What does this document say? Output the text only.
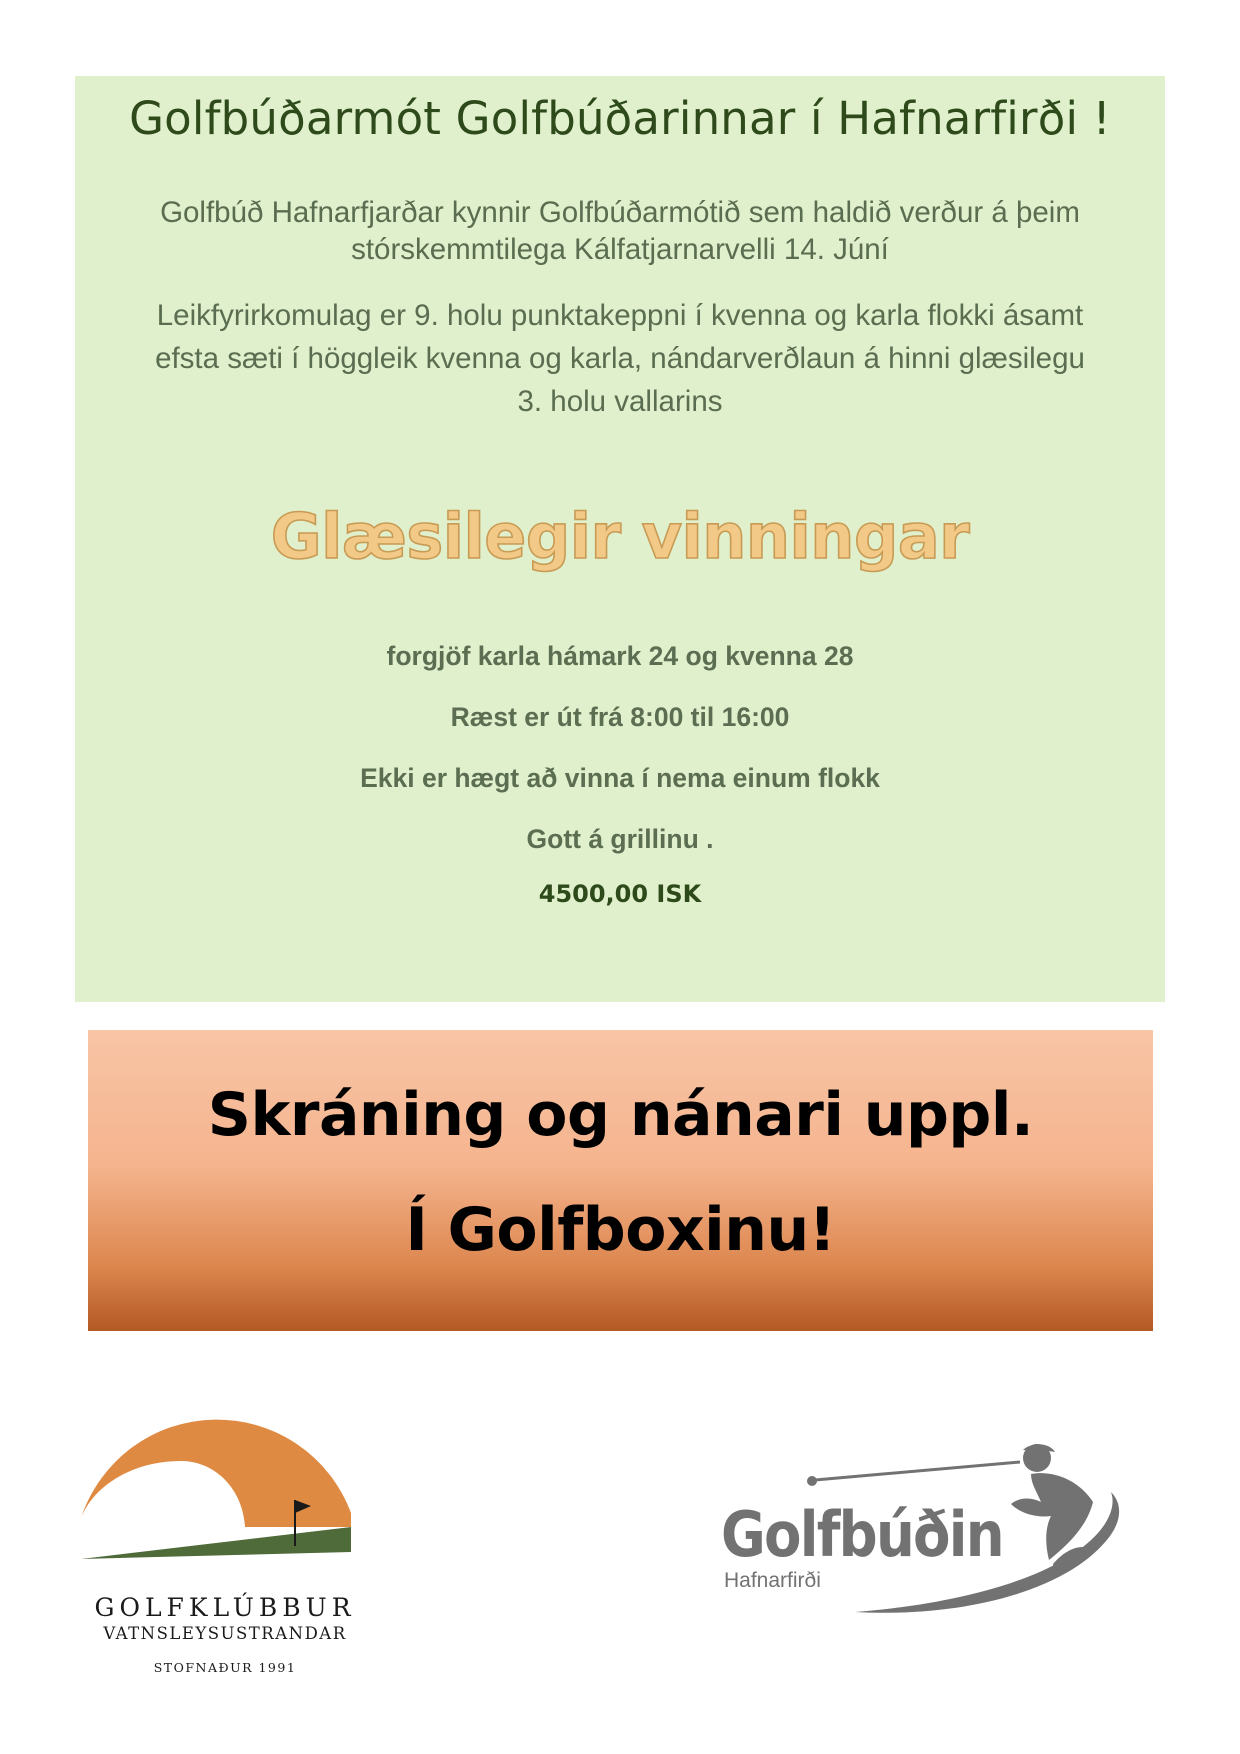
Golfbúðarmót Golfbúðarinnar í Hafnarfirði !
Golfbúð Hafnarfjarðar kynnir Golfbúðarmótið sem haldið verður á þeim
stórskemmtilega Kálfatjarnarvelli 14. Júní
Leikfyrirkomulag er 9. holu punktakeppni í kvenna og karla flokki ásamt
efsta sæti í höggleik kvenna og karla, nándarverðlaun á hinni glæsilegu
3. holu vallarins
Glæsilegir vinningar
forgjöf karla hámark 24 og kvenna 28
Ræst er út frá 8:00 til 16:00
Ekki er hægt að vinna í nema einum flokk
Gott á grillinu .
4500,00 ISK
Skráning og nánari uppl.
Í Golfboxinu!
GOLFKLÚBBUR
VATNSLEYSUSTRANDAR
STOFNAÐUR 1991
Golfbúðin
Hafnarfirði
